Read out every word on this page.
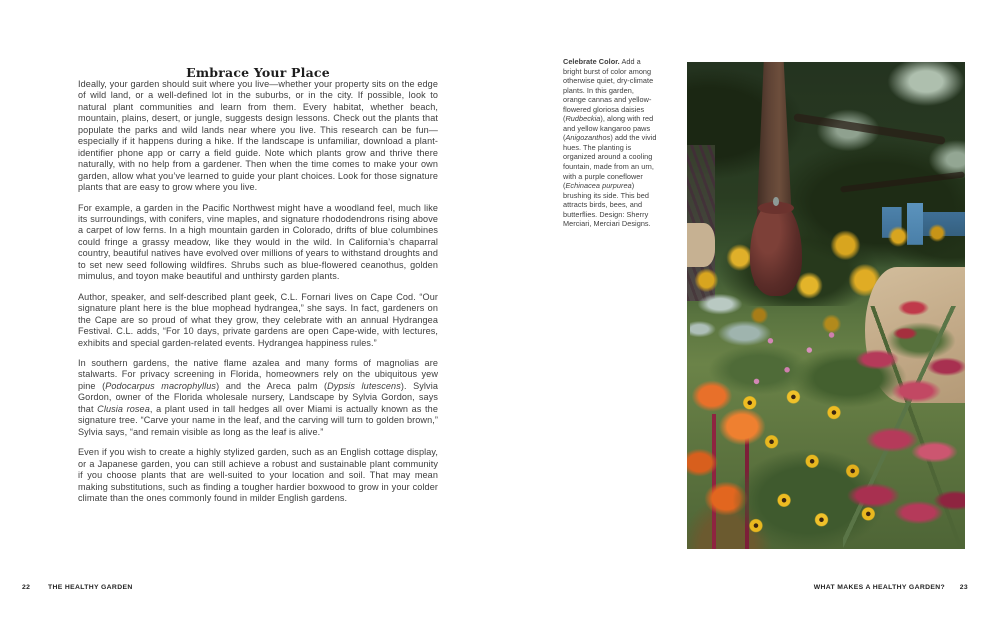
Embrace Your Place

Ideally, your garden should suit where you live—whether your property sits on the edge of wild land, or a well-defined lot in the suburbs, or in the city. If possible, look to natural plant communities and learn from them. Every habitat, whether beach, mountain, plains, desert, or jungle, suggests design lessons. Check out the plants that populate the parks and wild lands near where you live. This research can be fun—especially if it happens during a hike. If the landscape is unfamiliar, download a plant-identifier phone app or carry a field guide. Note which plants grow and thrive there naturally, with no help from a gardener. Then when the time comes to make your own garden, allow what you’ve learned to guide your plant choices. Look for those signature plants that are easy to grow where you live.

For example, a garden in the Pacific Northwest might have a woodland feel, much like its surroundings, with conifers, vine maples, and signature rhododendrons rising above a carpet of low ferns. In a high mountain garden in Colorado, drifts of blue columbines could fringe a grassy meadow, like they would in the wild. In California’s chaparral country, beautiful natives have evolved over millions of years to withstand droughts and to set new seed following wildfires. Shrubs such as blue-flowered ceanothus, golden mimulus, and toyon make beautiful and unthirsty garden plants.

Author, speaker, and self-described plant geek, C.L. Fornari lives on Cape Cod. “Our signature plant here is the blue mophead hydrangea,” she says. In fact, gardeners on the Cape are so proud of what they grow, they celebrate with an annual Hydrangea Festival. C.L. adds, “For 10 days, private gardens are open Cape-wide, with lectures, exhibits and special garden-related events. Hydrangea happiness rules.”

In southern gardens, the native flame azalea and many forms of magnolias are stalwarts. For privacy screening in Florida, homeowners rely on the ubiquitous yew pine (Podocarpus macrophyllus) and the Areca palm (Dypsis lutescens). Sylvia Gordon, owner of the Florida wholesale nursery, Landscape by Sylvia Gordon, says that Clusia rosea, a plant used in tall hedges all over Miami is actually known as the signature tree. “Carve your name in the leaf, and the carving will turn to golden brown,” Sylvia says, “and remain visible as long as the leaf is alive.”

Even if you wish to create a highly stylized garden, such as an English cottage display, or a Japanese garden, you can still achieve a robust and sustainable plant community if you choose plants that are well-suited to your location and soil. That may mean making substitutions, such as finding a tougher hardier boxwood to grow in your colder climate than the ones commonly found in milder English gardens.

Celebrate Color. Add a bright burst of color among otherwise quiet, dry-climate plants. In this garden, orange cannas and yellow-flowered gloriosa daisies (Rudbeckia), along with red and yellow kangaroo paws (Anigozanthos) add the vivid hues. The planting is organized around a cooling fountain, made from an urn, with a purple coneflower (Echinacea purpurea) brushing its side. This bed attracts birds, bees, and butterflies. Design: Sherry Merciari, Merciari Designs.
22	THE HEALTHY GARDEN	WHAT MAKES A HEALTHY GARDEN? 23
